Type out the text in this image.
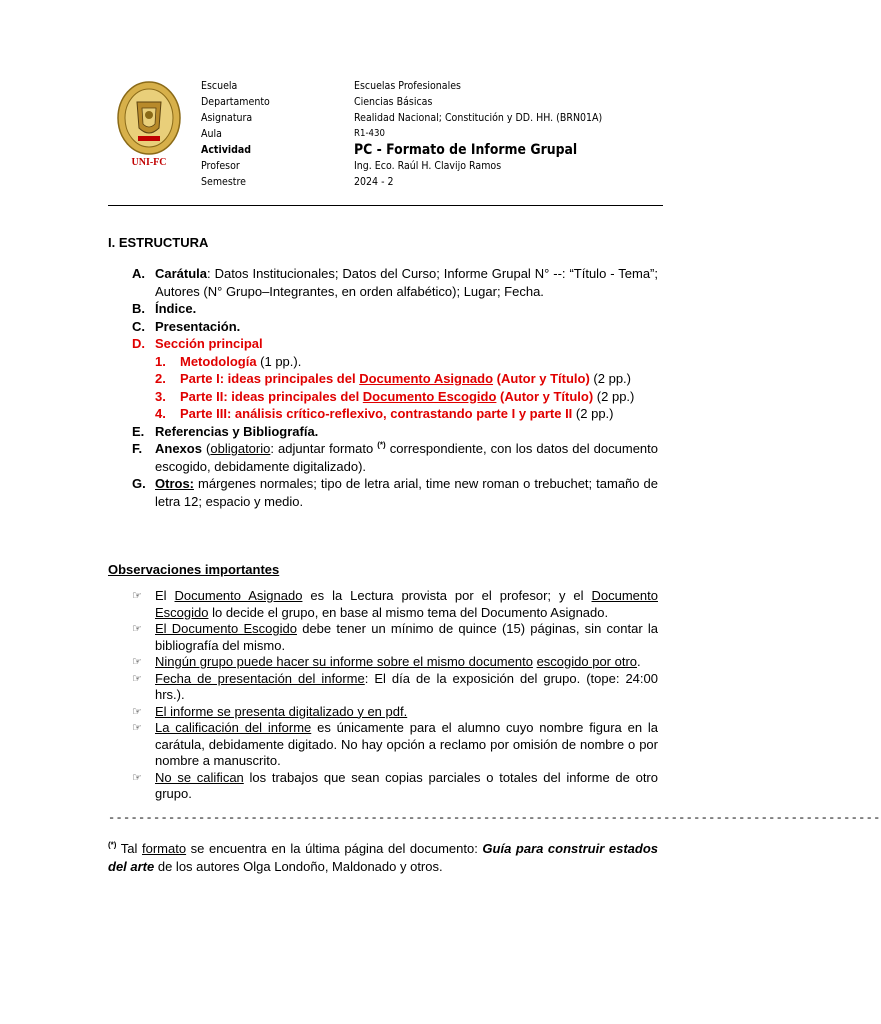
UNI-FC
Escuela
Departamento
Asignatura
Aula
Actividad
Profesor
Semestre
Escuelas Profesionales
Ciencias Básicas
Realidad Nacional; Constitución y DD. HH. (BRN01A)
R1-430
PC - Formato de Informe Grupal
Ing. Eco. Raúl H. Clavijo Ramos
2024 - 2
I. ESTRUCTURA
A. Carátula: Datos Institucionales; Datos del Curso; Informe Grupal N° --: “Título - Tema”; Autores (N° Grupo–Integrantes, en orden alfabético); Lugar; Fecha.
B. Índice.
C. Presentación.
D. Sección principal
1. Metodología (1 pp.).
2. Parte I: ideas principales del Documento Asignado (Autor y Título) (2 pp.)
3. Parte II: ideas principales del Documento Escogido (Autor y Título) (2 pp.)
4. Parte III: análisis crítico-reflexivo, contrastando parte I y parte II (2 pp.)
E. Referencias y Bibliografía.
F. Anexos (obligatorio: adjuntar formato (*) correspondiente, con los datos del documento escogido, debidamente digitalizado).
G. Otros: márgenes normales; tipo de letra arial, time new roman o trebuchet; tamaño de letra 12; espacio y medio.
Observaciones importantes
☞ El Documento Asignado es la Lectura provista por el profesor; y el Documento Escogido lo decide el grupo, en base al mismo tema del Documento Asignado.
☞ El Documento Escogido debe tener un mínimo de quince (15) páginas, sin contar la bibliografía del mismo.
☞ Ningún grupo puede hacer su informe sobre el mismo documento escogido por otro.
☞ Fecha de presentación del informe: El día de la exposición del grupo. (tope: 24:00 hrs.).
☞ El informe se presenta digitalizado y en pdf.
☞ La calificación del informe es únicamente para el alumno cuyo nombre figura en la carátula, debidamente digitado. No hay opción a reclamo por omisión de nombre o por nombre a manuscrito.
☞ No se califican los trabajos que sean copias parciales o totales del informe de otro grupo.
-------------------------------------------------------------------------------------------------------
(*) Tal formato se encuentra en la última página del documento: Guía para construir estados del arte de los autores Olga Londoño, Maldonado y otros.
